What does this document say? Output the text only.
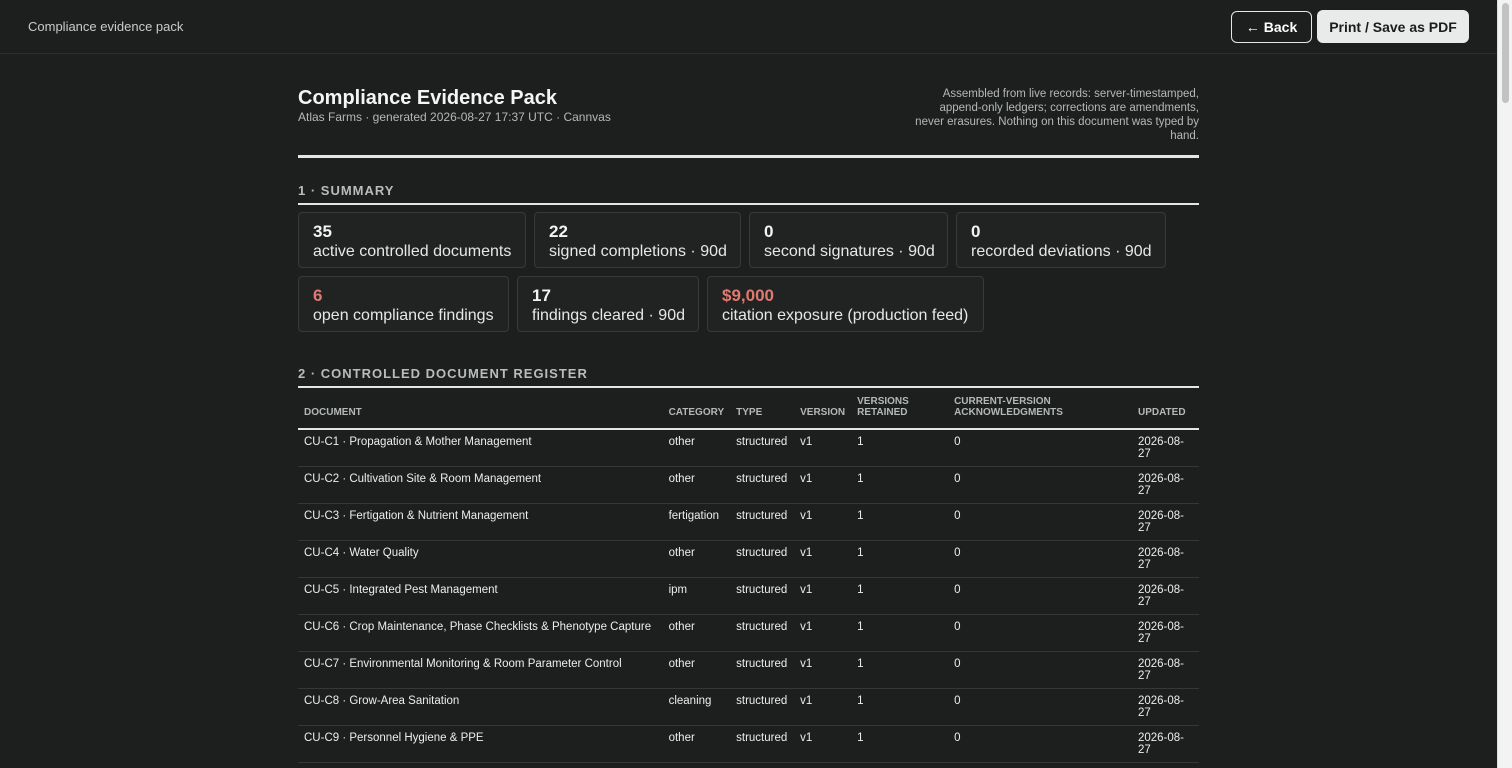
Compliance evidence pack	← Back	Print / Save as PDF
Compliance Evidence Pack
Atlas Farms · generated 2026-08-27 17:37 UTC · Cannvas
Assembled from live records: server-timestamped, append-only ledgers; corrections are amendments, never erasures. Nothing on this document was typed by hand.
1 · SUMMARY
35
active controlled documents
22
signed completions · 90d
0
second signatures · 90d
0
recorded deviations · 90d
6
open compliance findings
17
findings cleared · 90d
$9,000
citation exposure (production feed)
2 · CONTROLLED DOCUMENT REGISTER
DOCUMENT	CATEGORY	TYPE	VERSION	VERSIONS RETAINED	CURRENT-VERSION ACKNOWLEDGMENTS	UPDATED
CU-C1 · Propagation & Mother Management	other	structured	v1	1	0	2026-08-27
CU-C2 · Cultivation Site & Room Management	other	structured	v1	1	0	2026-08-27
CU-C3 · Fertigation & Nutrient Management	fertigation	structured	v1	1	0	2026-08-27
CU-C4 · Water Quality	other	structured	v1	1	0	2026-08-27
CU-C5 · Integrated Pest Management	ipm	structured	v1	1	0	2026-08-27
CU-C6 · Crop Maintenance, Phase Checklists & Phenotype Capture	other	structured	v1	1	0	2026-08-27
CU-C7 · Environmental Monitoring & Room Parameter Control	other	structured	v1	1	0	2026-08-27
CU-C8 · Grow-Area Sanitation	cleaning	structured	v1	1	0	2026-08-27
CU-C9 · Personnel Hygiene & PPE	other	structured	v1	1	0	2026-08-27
